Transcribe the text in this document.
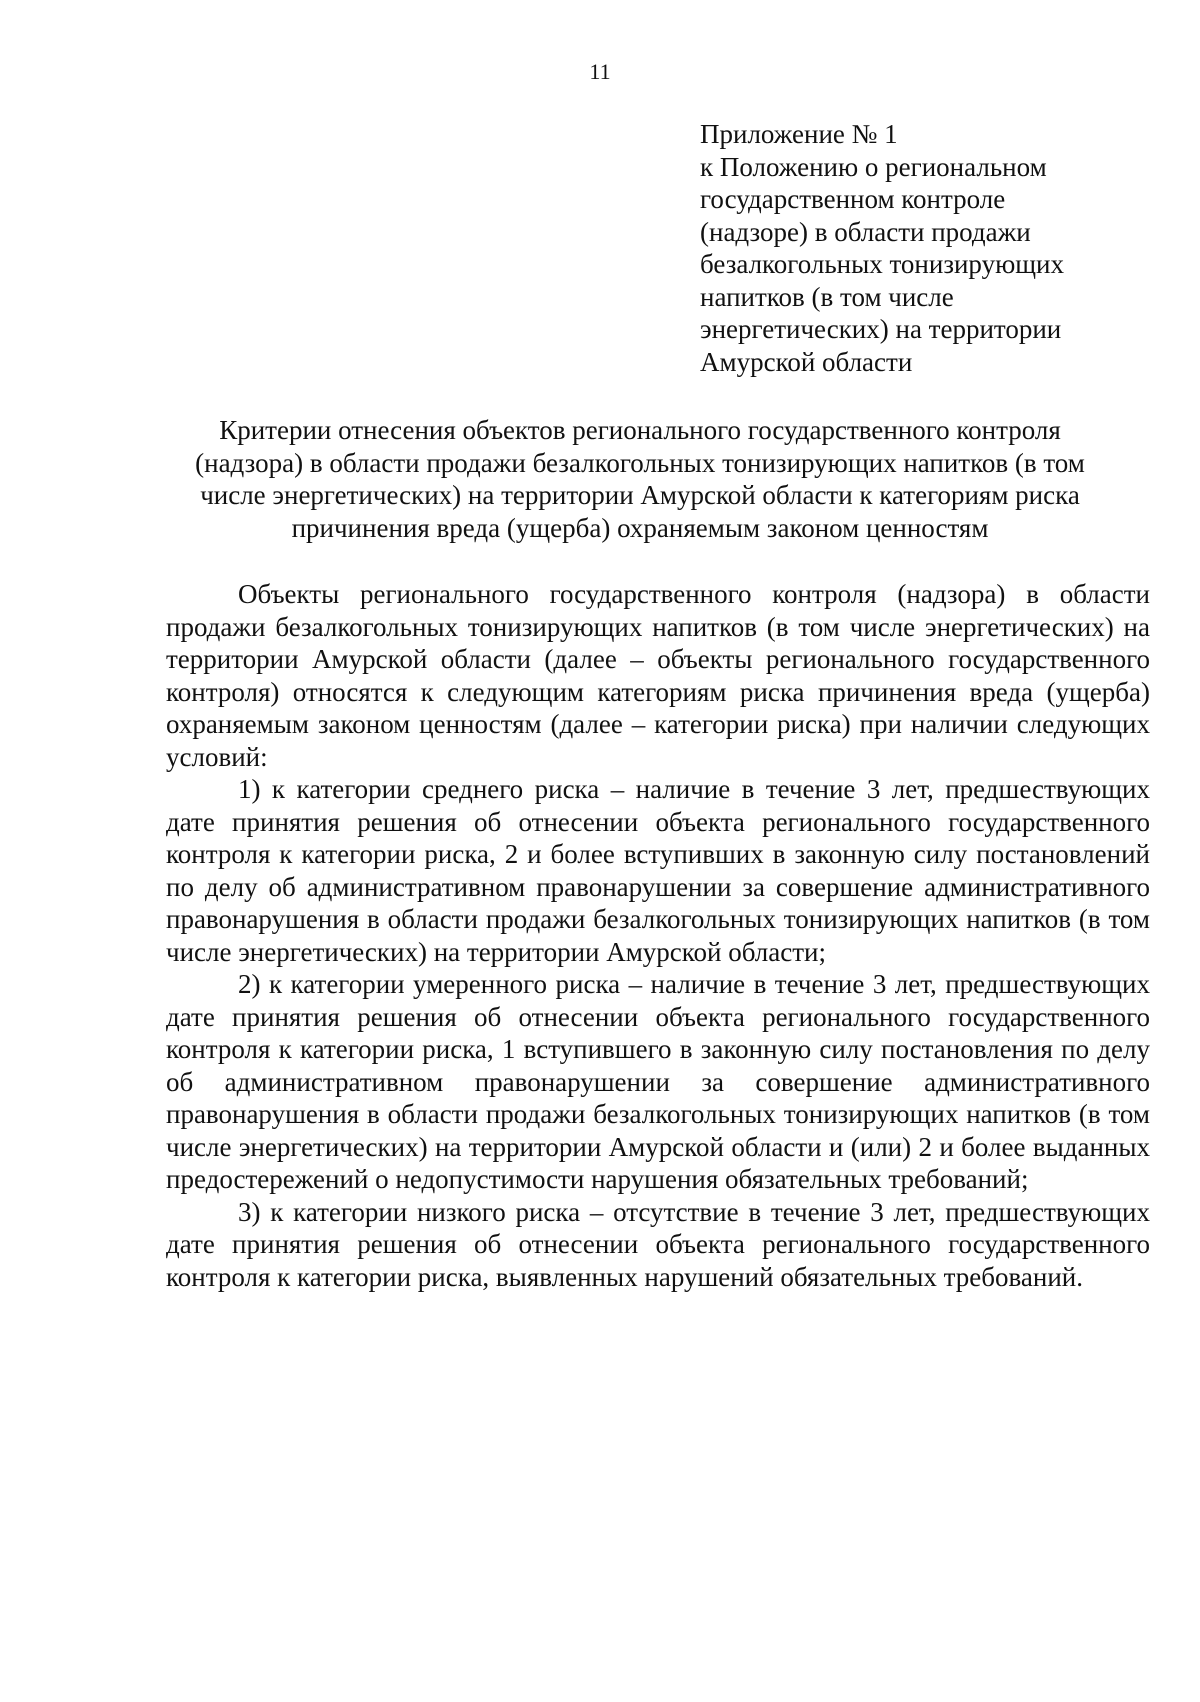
11
Приложение № 1
к Положению о региональном
государственном контроле
(надзоре) в области продажи
безалкогольных тонизирующих
напитков (в том числе
энергетических) на территории
Амурской области
Критерии отнесения объектов регионального государственного контроля
(надзора) в области продажи безалкогольных тонизирующих напитков (в том
числе энергетических) на территории Амурской области к категориям риска
причинения вреда (ущерба) охраняемым законом ценностям

Объекты регионального государственного контроля (надзора) в области продажи безалкогольных тонизирующих напитков (в том числе энергетических) на территории Амурской области (далее – объекты регионального государственного контроля) относятся к следующим категориям риска причинения вреда (ущерба) охраняемым законом ценностям (далее – категории риска) при наличии следующих условий:

1) к категории среднего риска – наличие в течение 3 лет, предшествующих дате принятия решения об отнесении объекта регионального государственного контроля к категории риска, 2 и более вступивших в законную силу постановлений по делу об административном правонарушении за совершение административного правонарушения в области продажи безалкогольных тонизирующих напитков (в том числе энергетических) на территории Амурской области;

2) к категории умеренного риска – наличие в течение 3 лет, предшествующих дате принятия решения об отнесении объекта регионального государственного контроля к категории риска, 1 вступившего в законную силу постановления по делу об административном правонарушении за совершение административного правонарушения в области продажи безалкогольных тонизирующих напитков (в том числе энергетических) на территории Амурской области и (или) 2 и более выданных предостережений о недопустимости нарушения обязательных требований;

3) к категории низкого риска – отсутствие в течение 3 лет, предшествующих дате принятия решения об отнесении объекта регионального государственного контроля к категории риска, выявленных нарушений обязательных требований.
